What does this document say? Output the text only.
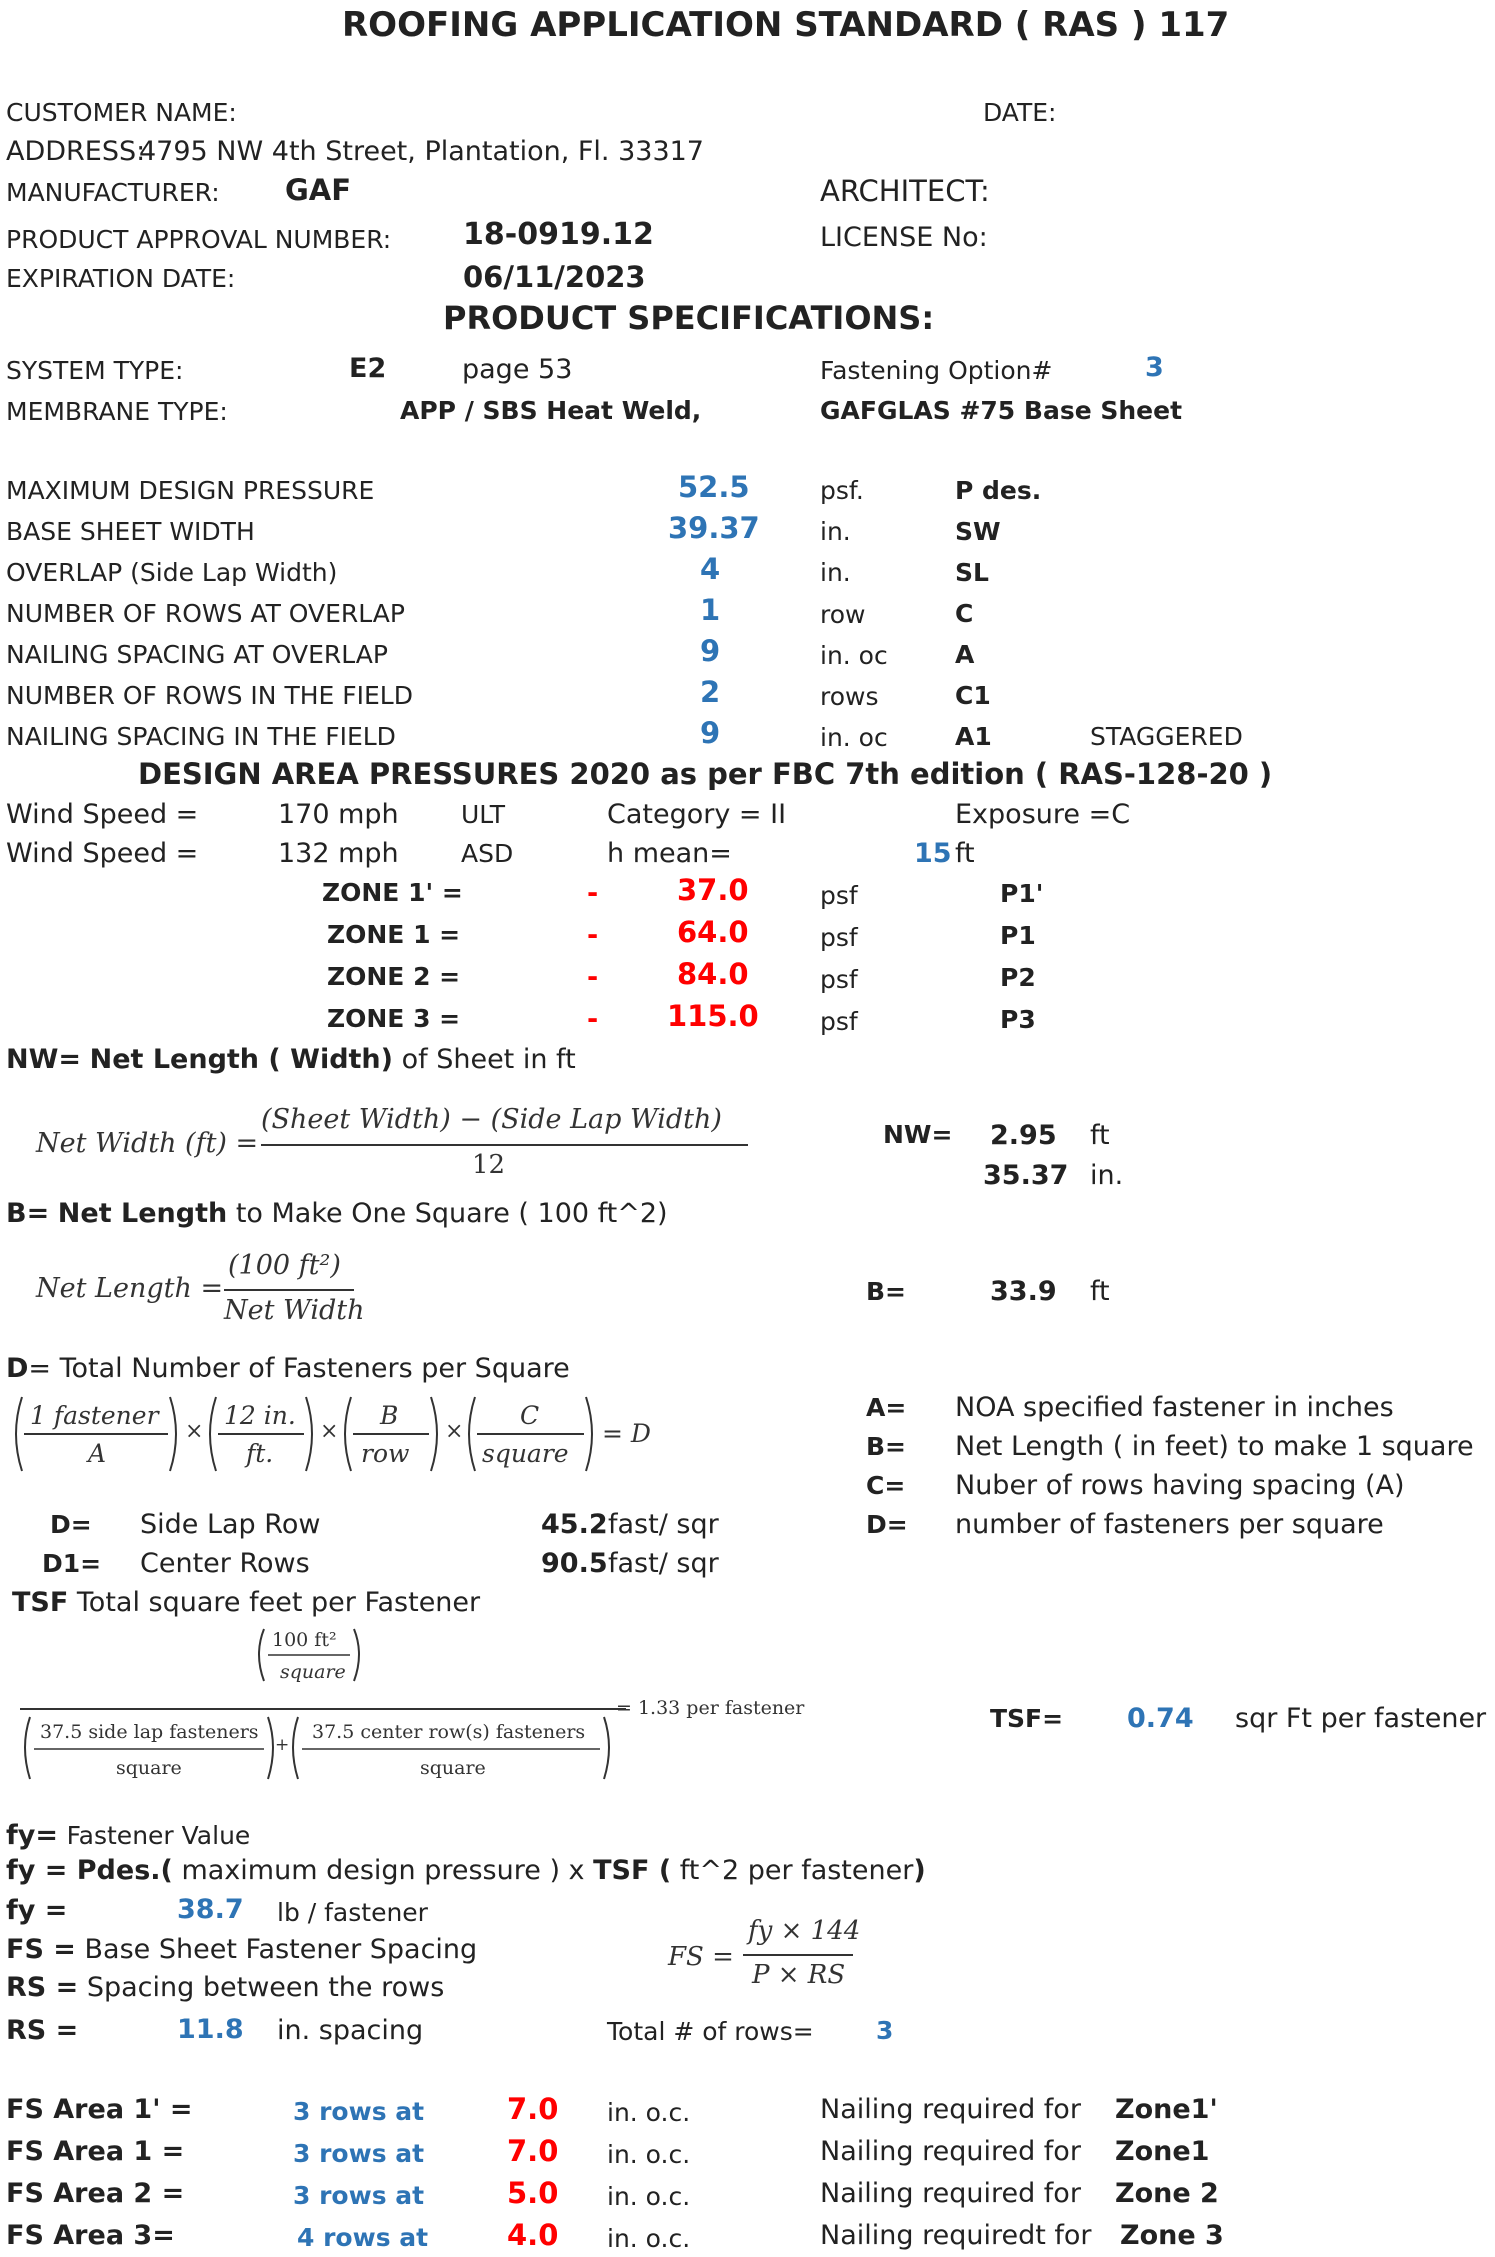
ROOFING APPLICATION STANDARD ( RAS ) 117
CUSTOMER NAME:	DATE:
ADDRESS:
4795 NW 4th Street, Plantation, Fl. 33317
MANUFACTURER: GAF	ARCHITECT:
PRODUCT APPROVAL NUMBER: 18-0919.12	LICENSE No:
EXPIRATION DATE:	06/11/2023
PRODUCT SPECIFICATIONS:
SYSTEM TYPE:	E2	page 53	Fastening Option#	3
MEMBRANE TYPE:	APP / SBS Heat Weld,	GAFGLAS #75 Base Sheet
MAXIMUM DESIGN PRESSURE	52.5	psf.	P des.
BASE SHEET WIDTH	39.37 in.	SW
OVERLAP (Side Lap Width)	4	in.	SL
NUMBER OF ROWS AT OVERLAP	1	row	C
NAILING SPACING AT OVERLAP	9	in. oc	A
NUMBER OF ROWS IN THE FIELD	2	rows	C1
NAILING SPACING IN THE FIELD	9	in. oc	A1	STAGGERED
DESIGN AREA PRESSURES 2020 as per FBC 7th edition ( RAS-128-20 )
Wind Speed =	170 mph ULT	Category = II	Exposure =C
Wind Speed =	132 mph ASD	h mean=	15 ft
ZONE 1' =	-	37.0	psf	P1'
ZONE 1 =	-	64.0	psf	P1
ZONE 2 =	-	84.0	psf	P2
ZONE 3 =	- 115.0 psf	P3
NW= Net Length ( Width) of Sheet in ft
Net Width (ft) =
(Sheet Width) − (Side Lap Width)
12
NW= 2.95 ft
35.37 in.
B= Net Length to Make One Square ( 100 ft^2)
Net Length =
(100 ft²)
Net Width
B=	33.9 ft
D= Total Number of Fasteners per Square
1 fastener
A
×
12 in.
ft.
×
B
row
×
C
square
= D
A= NOA specified fastener in inches
B= Net Length ( in feet) to make 1 square
C= Nuber of rows having spacing (A)
D= number of fasteners per square
D= Side Lap Row	45.2 fast/ sqr
D1= Center Rows	90.5 fast/ sqr
TSF Total square feet per Fastener
100 ft²
square
37.5 side lap fasteners
square
+
37.5 center row(s) fasteners
square
= 1.33 per fastener	TSF= 0.74 sqr Ft per fastener
fy= Fastener Value
fy = Pdes.( maximum design pressure ) x TSF ( ft^2 per fastener)
fy =	38.7 lb / fastener
FS = Base Sheet Fastener Spacing
RS = Spacing between the rows
FS =
fy × 144
P × RS
RS =	11.8 in. spacing	Total # of rows= 3
FS Area 1' =	3 rows at	7.0 in. o.c.	Nailing required for Zone1'
FS Area 1 =	3 rows at	7.0 in. o.c.	Nailing required for Zone1
FS Area 2 =	3 rows at	5.0 in. o.c.	Nailing required for Zone 2
FS Area 3=	4 rows at	4.0 in. o.c.	Nailing requiredt for Zone 3
